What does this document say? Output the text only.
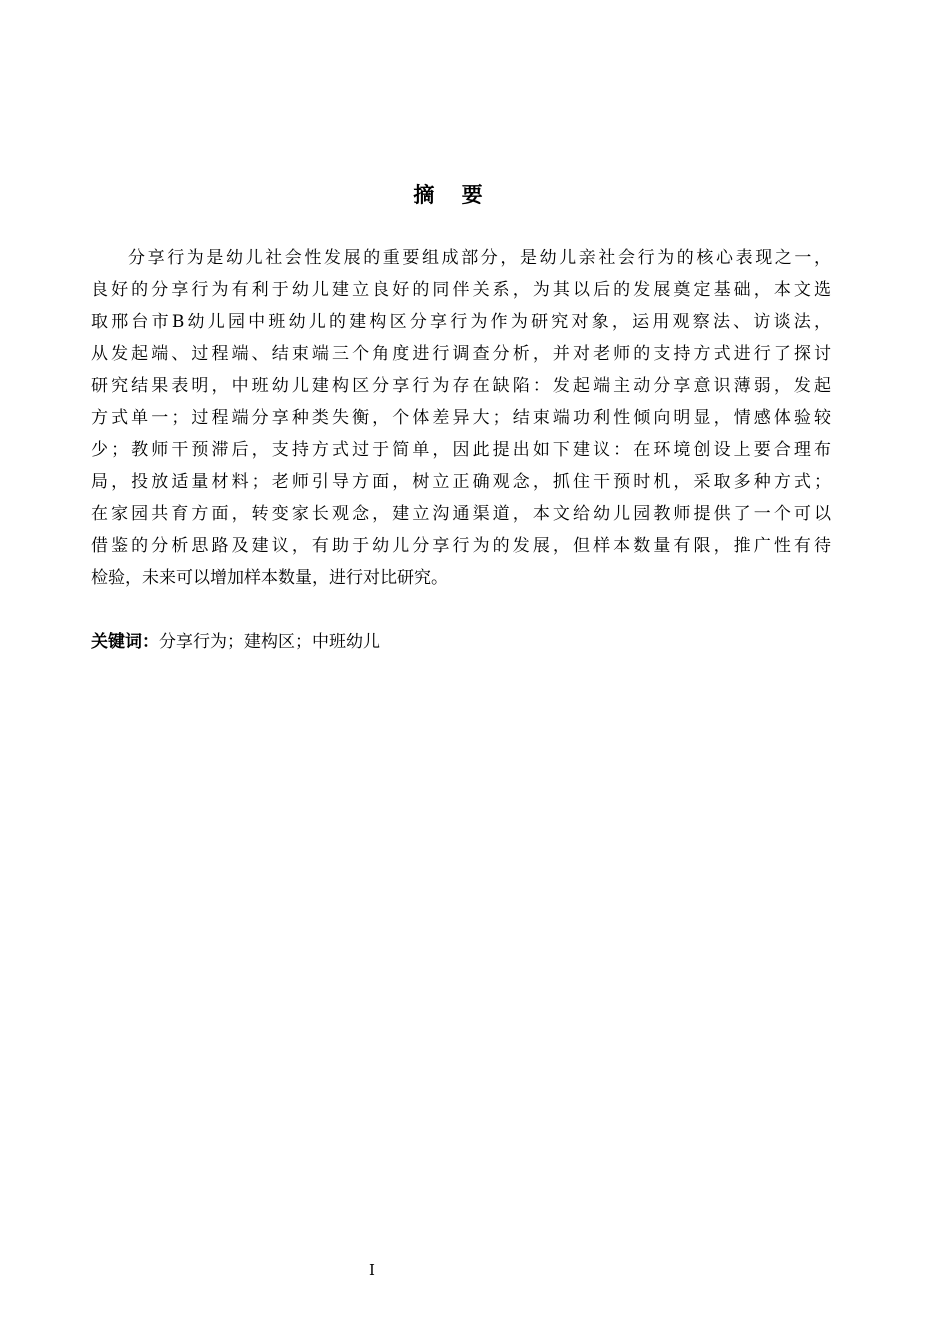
摘 要
分享行为是幼儿社会性发展的重要组成部分，是幼儿亲社会行为的核心表现之一，
良好的分享行为有利于幼儿建立良好的同伴关系，为其以后的发展奠定基础，本文选
取邢台市B幼儿园中班幼儿的建构区分享行为作为研究对象，运用观察法、访谈法，
从发起端、过程端、结束端三个角度进行调查分析，并对老师的支持方式进行了探讨
研究结果表明，中班幼儿建构区分享行为存在缺陷：发起端主动分享意识薄弱，发起
方式单一；过程端分享种类失衡，个体差异大；结束端功利性倾向明显，情感体验较
少；教师干预滞后，支持方式过于简单，因此提出如下建议：在环境创设上要合理布
局，投放适量材料；老师引导方面，树立正确观念，抓住干预时机，采取多种方式；
在家园共育方面，转变家长观念，建立沟通渠道，本文给幼儿园教师提供了一个可以
借鉴的分析思路及建议，有助于幼儿分享行为的发展，但样本数量有限，推广性有待
检验，未来可以增加样本数量，进行对比研究。
关键词：分享行为；建构区；中班幼儿
I
